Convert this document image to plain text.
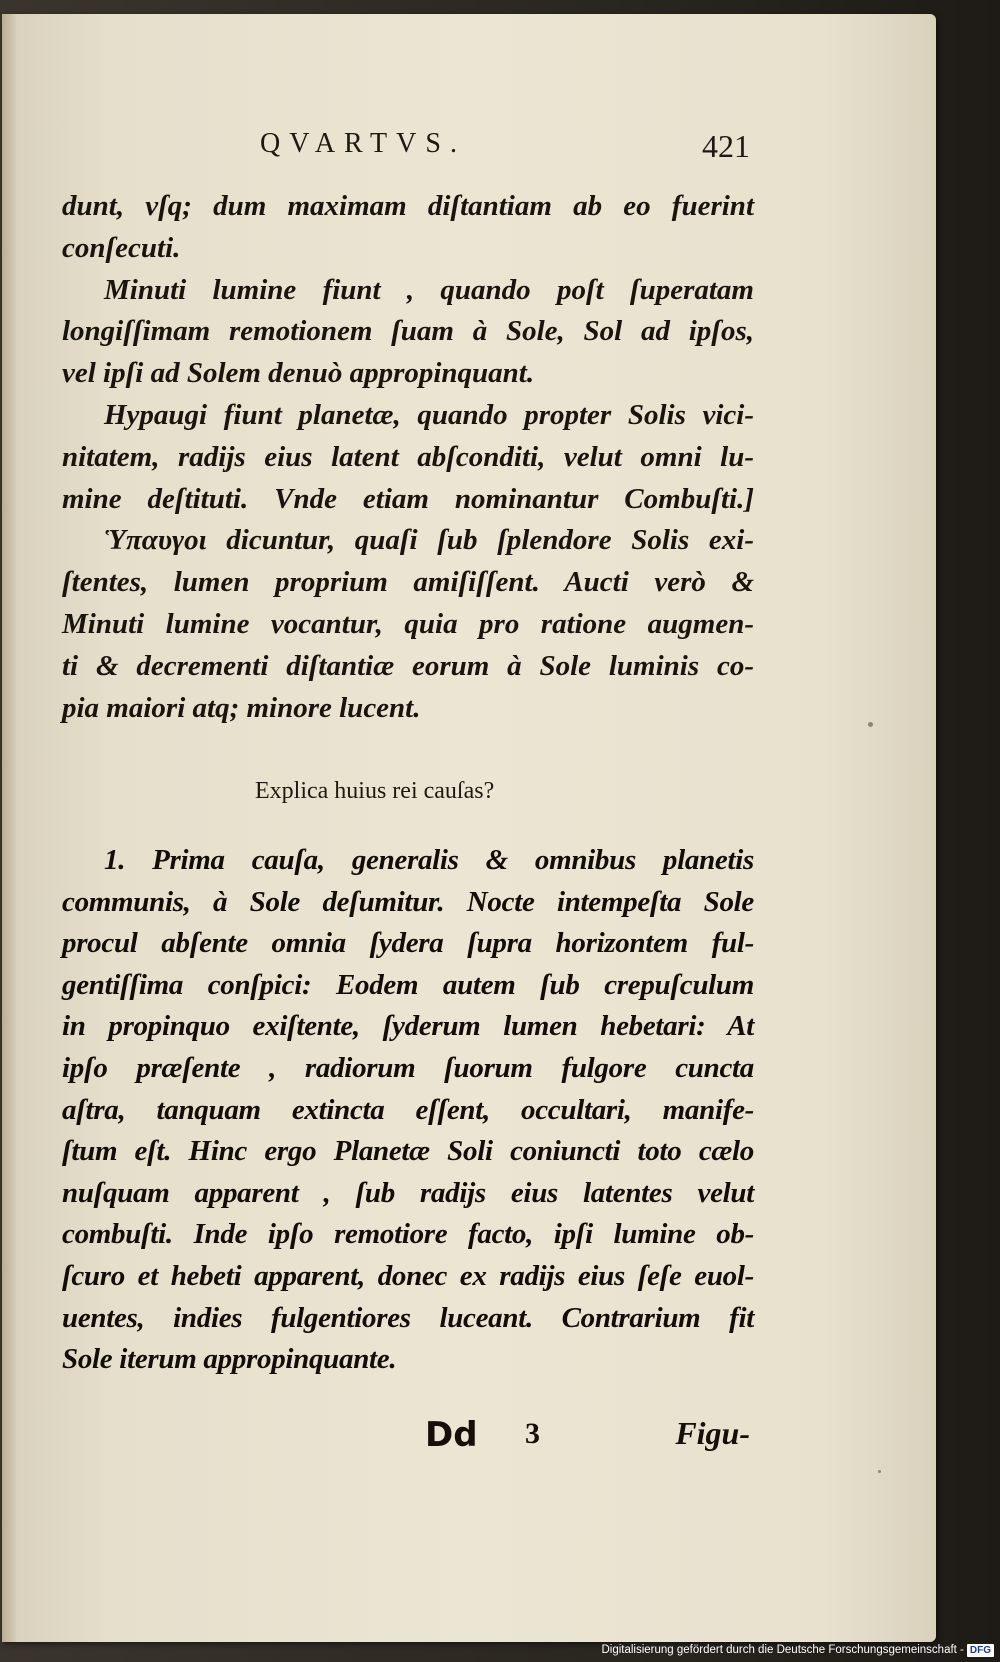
QVARTVS.	421
dunt, vſq; dum maximam diſtantiam ab eo fuerint
conſecuti.
Minuti lumine fiunt , quando poſt ſuperatam
longiſſimam remotionem ſuam à Sole, Sol ad ipſos,
vel ipſi ad Solem denuò appropinquant.
Hypaugi fiunt planetæ, quando propter Solis vici-
nitatem, radijs eius latent abſconditi, velut omni lu-
mine deſtituti. Vnde etiam nominantur Combuſti.]
Ὑπαυγοι dicuntur, quaſi ſub ſplendore Solis exi-
ſtentes, lumen proprium amiſiſſent. Aucti verò &
Minuti lumine vocantur, quia pro ratione augmen-
ti & decrementi diſtantiæ eorum à Sole luminis co-
pia maiori atq; minore lucent.
Explica huius rei cauſas?
1. Prima cauſa, generalis & omnibus planetis
communis, à Sole deſumitur. Nocte intempeſta Sole
procul abſente omnia ſydera ſupra horizontem ful-
gentiſſima conſpici: Eodem autem ſub crepuſculum
in propinquo exiſtente, ſyderum lumen hebetari: At
ipſo præſente , radiorum ſuorum fulgore cuncta
aſtra, tanquam extincta eſſent, occultari, manife-
ſtum eſt. Hinc ergo Planetæ Soli coniuncti toto cælo
nuſquam apparent , ſub radijs eius latentes velut
combuſti. Inde ipſo remotiore facto, ipſi lumine ob-
ſcuro et hebeti apparent, donec ex radijs eius ſeſe euol-
uentes, indies fulgentiores luceant. Contrarium fit
Sole iterum appropinquante.
Dd 3	Figu-
Digitalisierung gefördert durch die Deutsche Forschungsgemeinschaft - DFG
